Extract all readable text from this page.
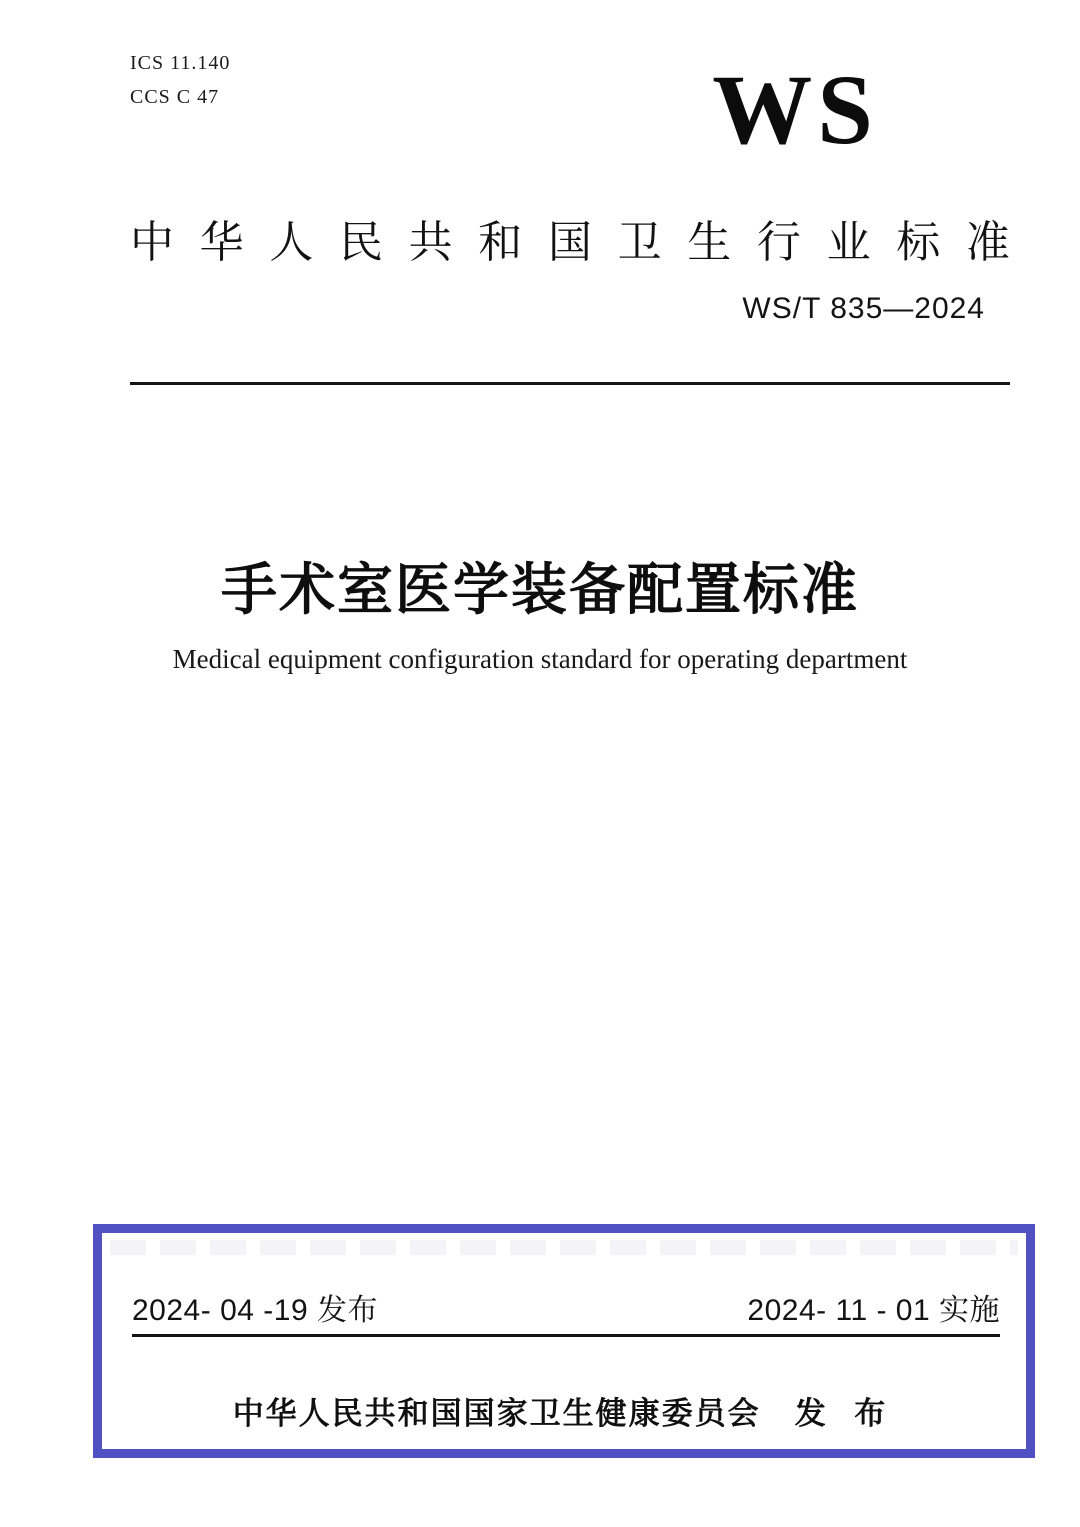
ICS 11.140
CCS C 47	WS
中 华 人 民 共 和 国 卫 生 行 业 标 准
WS/T 835—2024
手术室医学装备配置标准
Medical equipment configuration standard for operating department
2024- 04 -19 发布	2024- 11 - 01 实施
中华人民共和国国家卫生健康委员会 发 布
